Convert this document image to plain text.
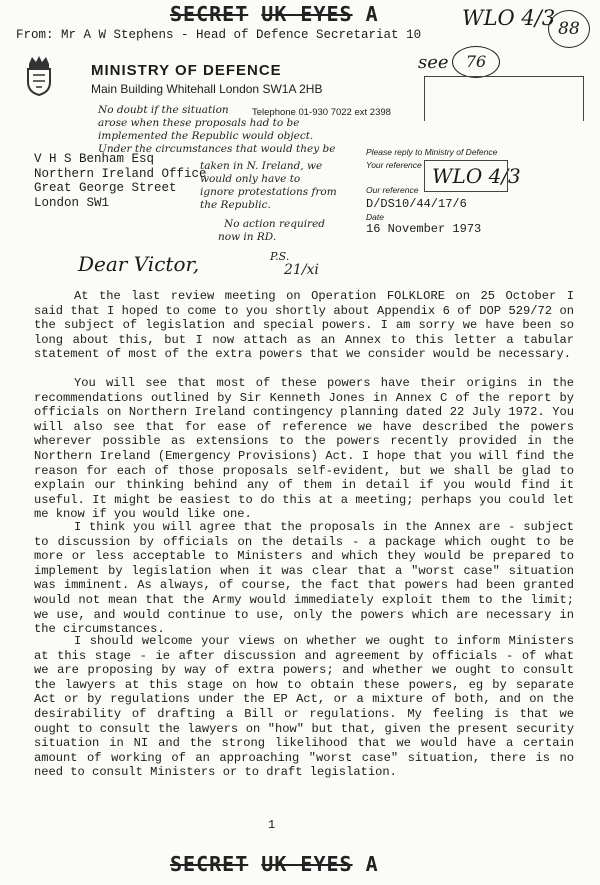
SECRET UK EYES A	WLO 4/3 88
From: Mr A W Stephens - Head of Defence Secretariat 10
see	76
MINISTRY OF DEFENCE
Main Building Whitehall London SW1A 2HB
Telephone 01-930 7022 ext 2398
No doubt if the situation
arose when these proposals had to be
implemented the Republic would object.
Under the circumstances that would they be
taken in N. Ireland, we
would only have to
ignore protestations from
the Republic.
No action required
now in RD.
P.S.
21/xi
V H S Benham Esq
Northern Ireland Office
Great George Street
London SW1
Please reply to Ministry of Defence
Your reference WLO 4/3
Our reference
D/DS10/44/17/6
Date
16 November 1973
Dear Victor,

At the last review meeting on Operation FOLKLORE on 25 October I said that I hoped to come to you shortly about Appendix 6 of DOP 529/72 on the subject of legislation and special powers. I am sorry we have been so long about this, but I now attach as an Annex to this letter a tabular statement of most of the extra powers that we consider would be necessary.

You will see that most of these powers have their origins in the recommendations outlined by Sir Kenneth Jones in Annex C of the report by officials on Northern Ireland contingency planning dated 22 July 1972. You will also see that for ease of reference we have described the powers wherever possible as extensions to the powers recently provided in the Northern Ireland (Emergency Provisions) Act. I hope that you will find the reason for each of those proposals self-evident, but we shall be glad to explain our thinking behind any of them in detail if you would find it useful. It might be easiest to do this at a meeting; perhaps you could let me know if you would like one.

I think you will agree that the proposals in the Annex are - subject to discussion by officials on the details - a package which ought to be more or less acceptable to Ministers and which they would be prepared to implement by legislation when it was clear that a "worst case" situation was imminent. As always, of course, the fact that powers had been granted would not mean that the Army would immediately exploit them to the limit; we use, and would continue to use, only the powers which are necessary in the circumstances.

I should welcome your views on whether we ought to inform Ministers at this stage - ie after discussion and agreement by officials - of what we are proposing by way of extra powers; and whether we ought to consult the lawyers at this stage on how to obtain these powers, eg by separate Act or by regulations under the EP Act, or a mixture of both, and on the desirability of drafting a Bill or regulations. My feeling is that we ought to consult the lawyers on "how" but that, given the present security situation in NI and the strong likelihood that we would have a certain amount of working of an approaching "worst case" situation, there is no need to consult Ministers or to draft legislation.

1
SECRET UK EYES A
